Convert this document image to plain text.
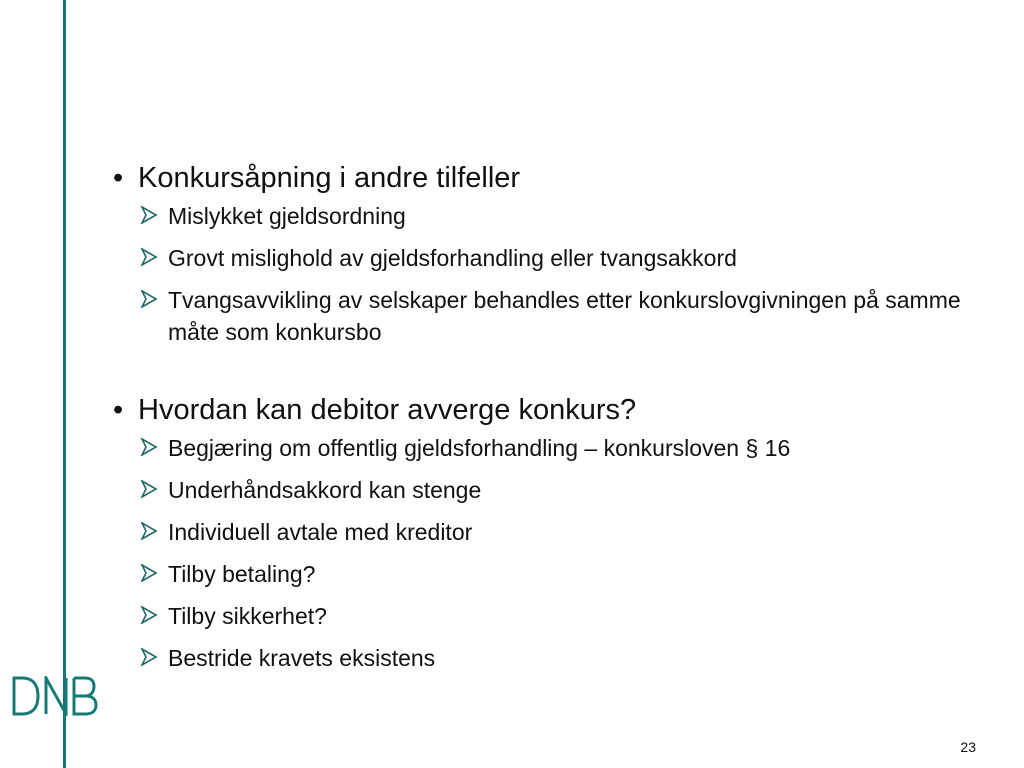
• Konkursåpning i andre tilfeller
Mislykket gjeldsordning
Grovt mislighold av gjeldsforhandling eller tvangsakkord
Tvangsavvikling av selskaper behandles etter konkurslovgivningen på samme måte som konkursbo
• Hvordan kan debitor avverge konkurs?
Begjæring om offentlig gjeldsforhandling – konkursloven § 16
Underhåndsakkord kan stenge
Individuell avtale med kreditor
Tilby betaling?
Tilby sikkerhet?
Bestride kravets eksistens
23
